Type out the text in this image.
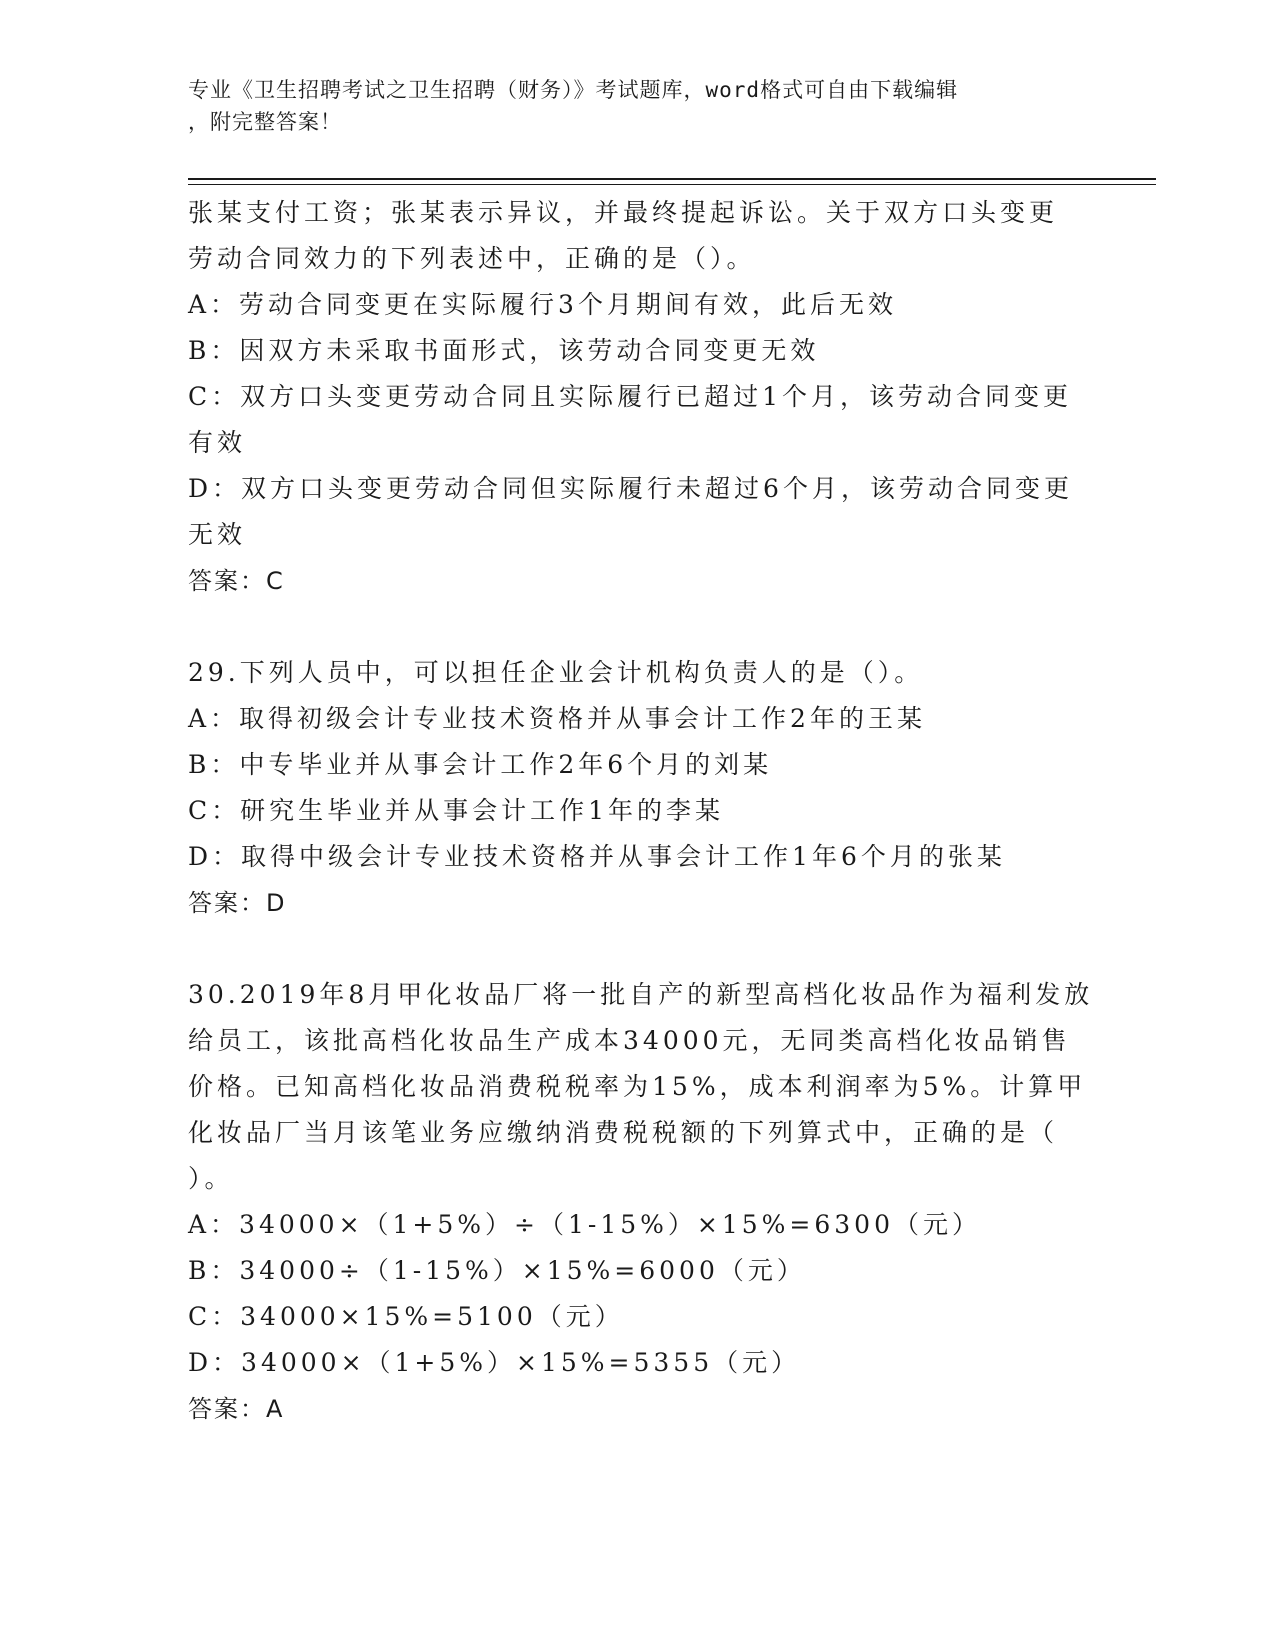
专业《卫生招聘考试之卫生招聘（财务）》考试题库，word格式可自由下载编辑
，附完整答案！
张某支付工资；张某表示异议，并最终提起诉讼。关于双方口头变更
劳动合同效力的下列表述中，正确的是（）。
A：劳动合同变更在实际履行3个月期间有效，此后无效
B：因双方未采取书面形式，该劳动合同变更无效
C：双方口头变更劳动合同且实际履行已超过1个月，该劳动合同变更
有效
D：双方口头变更劳动合同但实际履行未超过6个月，该劳动合同变更
无效
答案：C
29.下列人员中，可以担任企业会计机构负责人的是（）。
A：取得初级会计专业技术资格并从事会计工作2年的王某
B：中专毕业并从事会计工作2年6个月的刘某
C：研究生毕业并从事会计工作1年的李某
D：取得中级会计专业技术资格并从事会计工作1年6个月的张某
答案：D
30.2019年8月甲化妆品厂将一批自产的新型高档化妆品作为福利发放
给员工，该批高档化妆品生产成本34000元，无同类高档化妆品销售
价格。已知高档化妆品消费税税率为15%，成本利润率为5%。计算甲
化妆品厂当月该笔业务应缴纳消费税税额的下列算式中，正确的是（
）。
A：34000×（1+5%）÷（1-15%）×15%=6300（元）
B：34000÷（1-15%）×15%=6000（元）
C：34000×15%=5100（元）
D：34000×（1+5%）×15%=5355（元）
答案：A
